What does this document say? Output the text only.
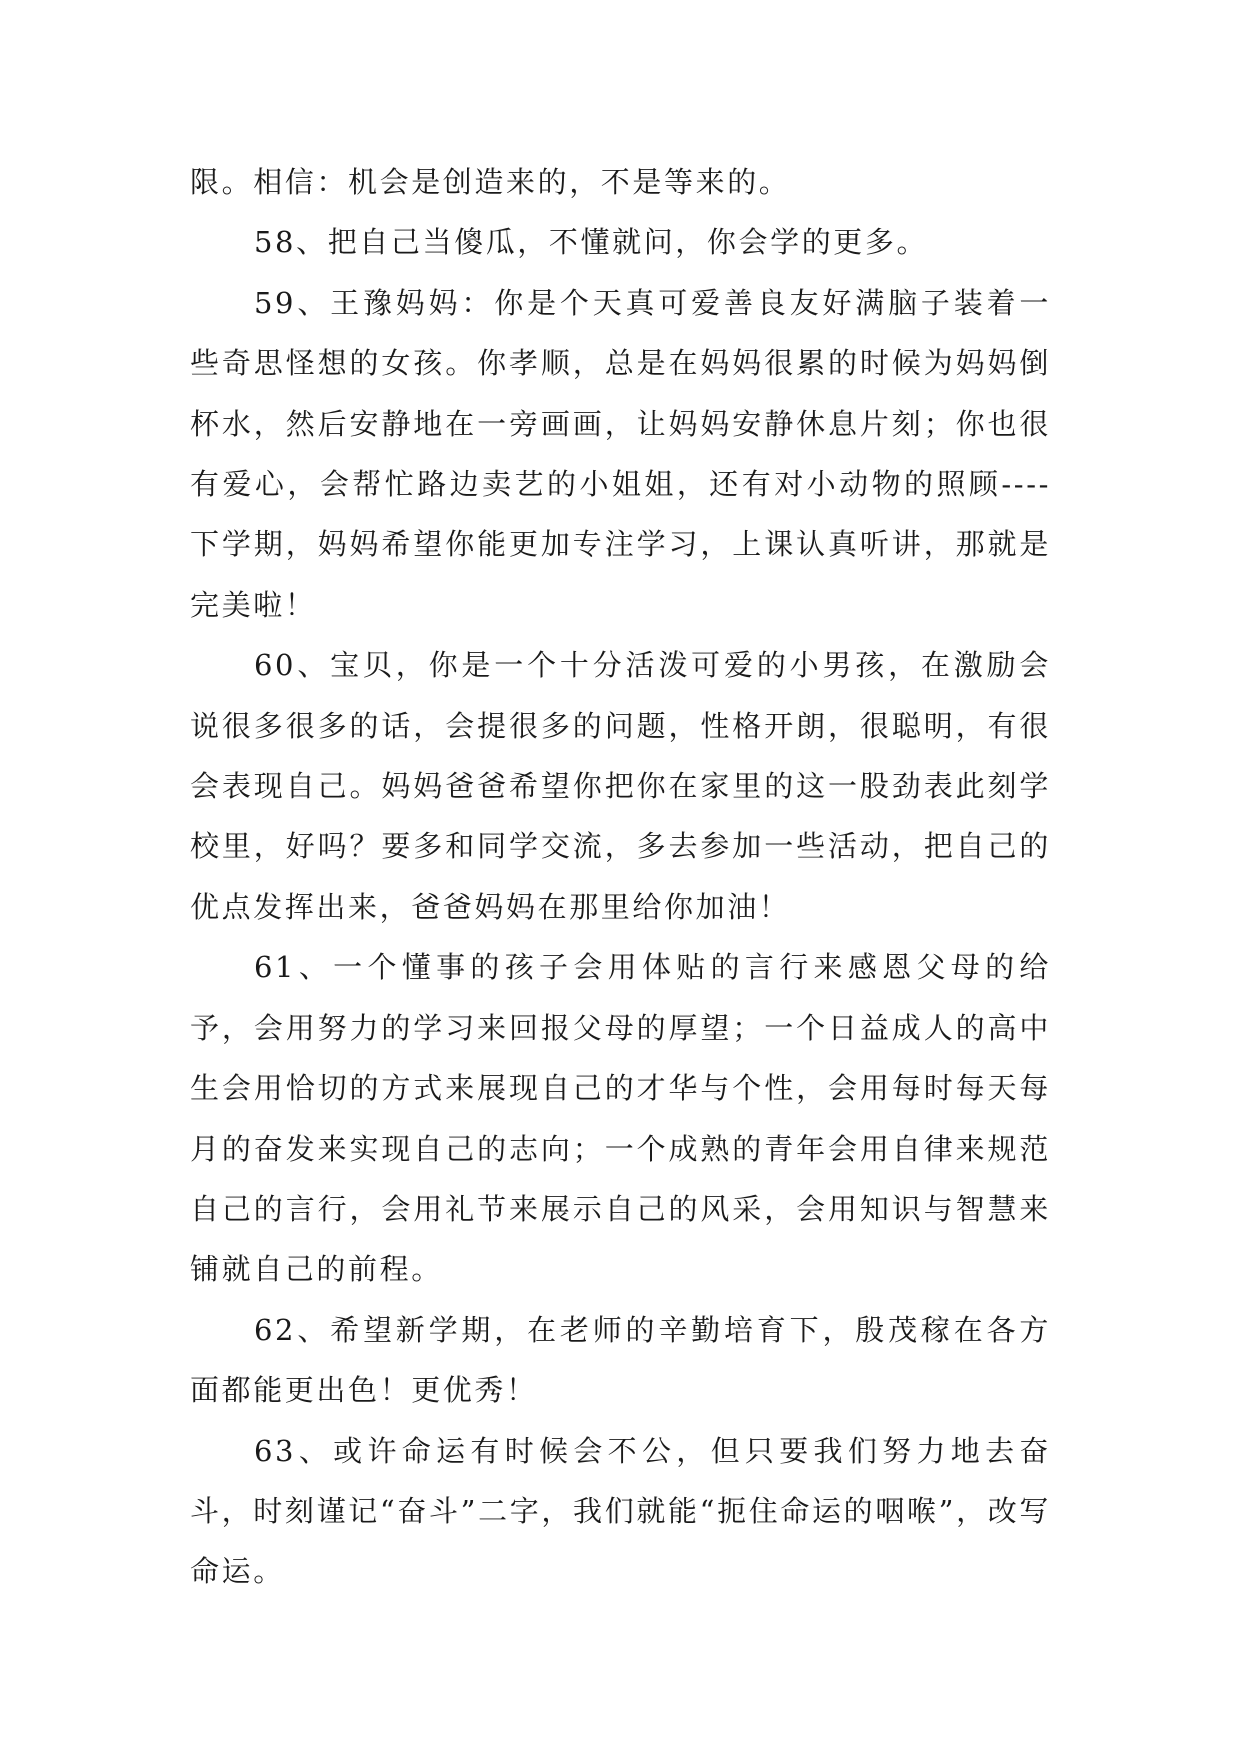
限。相信：机会是创造来的，不是等来的。

58、把自己当傻瓜，不懂就问，你会学的更多。

59、王豫妈妈：你是个天真可爱善良友好满脑子装着一些奇思怪想的女孩。你孝顺，总是在妈妈很累的时候为妈妈倒杯水，然后安静地在一旁画画，让妈妈安静休息片刻；你也很有爱心，会帮忙路边卖艺的小姐姐，还有对小动物的照顾----下学期，妈妈希望你能更加专注学习，上课认真听讲，那就是完美啦！

60、宝贝，你是一个十分活泼可爱的小男孩，在激励会说很多很多的话，会提很多的问题，性格开朗，很聪明，有很会表现自己。妈妈爸爸希望你把你在家里的这一股劲表此刻学校里，好吗？要多和同学交流，多去参加一些活动，把自己的优点发挥出来，爸爸妈妈在那里给你加油！

61、一个懂事的孩子会用体贴的言行来感恩父母的给予，会用努力的学习来回报父母的厚望；一个日益成人的高中生会用恰切的方式来展现自己的才华与个性，会用每时每天每月的奋发来实现自己的志向；一个成熟的青年会用自律来规范自己的言行，会用礼节来展示自己的风采，会用知识与智慧来铺就自己的前程。

62、希望新学期，在老师的辛勤培育下，殷茂稼在各方面都能更出色！更优秀！

63、或许命运有时候会不公，但只要我们努力地去奋斗，时刻谨记“奋斗”二字，我们就能“扼住命运的咽喉”，改写命运。
